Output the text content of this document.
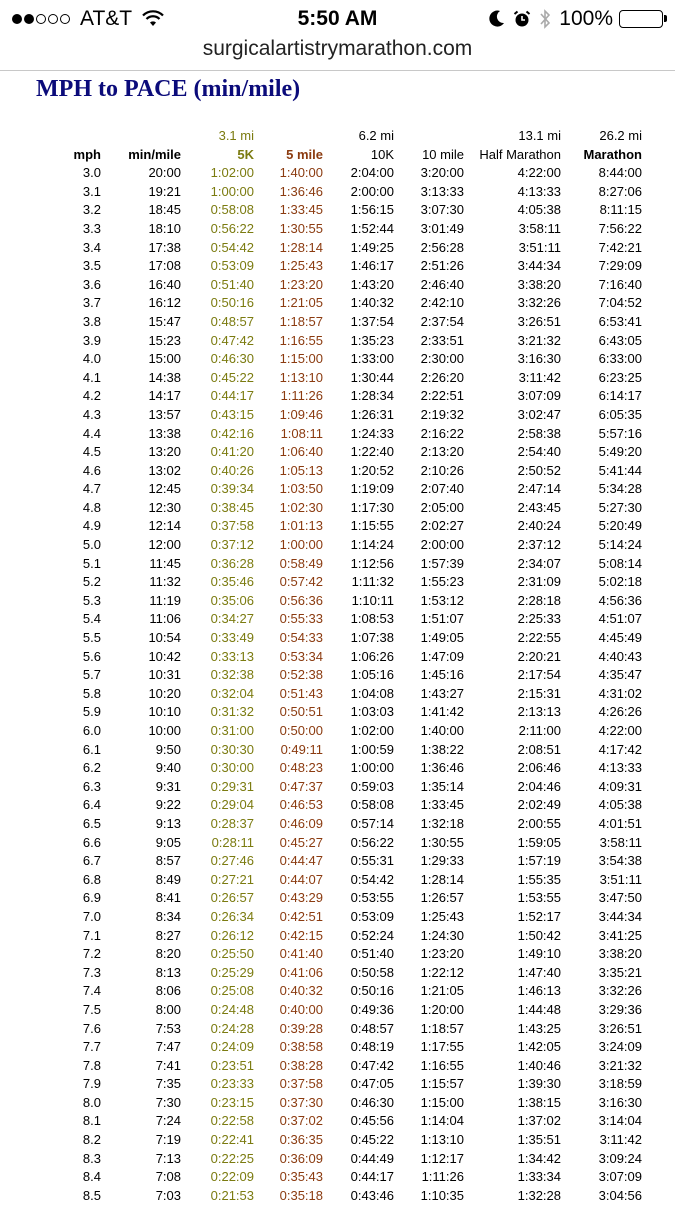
AT&T	5:50 AM	100%
surgicalartistrymarathon.com
MPH to PACE (min/mile)
		3.1 mi		6.2 mi		13.1 mi	26.2 mi
mph	min/mile	5K	5 mile	10K	10 mile	Half Marathon	Marathon
3.0	20:00	1:02:00	1:40:00	2:04:00	3:20:00	4:22:00	8:44:00
3.1	19:21	1:00:00	1:36:46	2:00:00	3:13:33	4:13:33	8:27:06
3.2	18:45	0:58:08	1:33:45	1:56:15	3:07:30	4:05:38	8:11:15
3.3	18:10	0:56:22	1:30:55	1:52:44	3:01:49	3:58:11	7:56:22
3.4	17:38	0:54:42	1:28:14	1:49:25	2:56:28	3:51:11	7:42:21
3.5	17:08	0:53:09	1:25:43	1:46:17	2:51:26	3:44:34	7:29:09
3.6	16:40	0:51:40	1:23:20	1:43:20	2:46:40	3:38:20	7:16:40
3.7	16:12	0:50:16	1:21:05	1:40:32	2:42:10	3:32:26	7:04:52
3.8	15:47	0:48:57	1:18:57	1:37:54	2:37:54	3:26:51	6:53:41
3.9	15:23	0:47:42	1:16:55	1:35:23	2:33:51	3:21:32	6:43:05
4.0	15:00	0:46:30	1:15:00	1:33:00	2:30:00	3:16:30	6:33:00
4.1	14:38	0:45:22	1:13:10	1:30:44	2:26:20	3:11:42	6:23:25
4.2	14:17	0:44:17	1:11:26	1:28:34	2:22:51	3:07:09	6:14:17
4.3	13:57	0:43:15	1:09:46	1:26:31	2:19:32	3:02:47	6:05:35
4.4	13:38	0:42:16	1:08:11	1:24:33	2:16:22	2:58:38	5:57:16
4.5	13:20	0:41:20	1:06:40	1:22:40	2:13:20	2:54:40	5:49:20
4.6	13:02	0:40:26	1:05:13	1:20:52	2:10:26	2:50:52	5:41:44
4.7	12:45	0:39:34	1:03:50	1:19:09	2:07:40	2:47:14	5:34:28
4.8	12:30	0:38:45	1:02:30	1:17:30	2:05:00	2:43:45	5:27:30
4.9	12:14	0:37:58	1:01:13	1:15:55	2:02:27	2:40:24	5:20:49
5.0	12:00	0:37:12	1:00:00	1:14:24	2:00:00	2:37:12	5:14:24
5.1	11:45	0:36:28	0:58:49	1:12:56	1:57:39	2:34:07	5:08:14
5.2	11:32	0:35:46	0:57:42	1:11:32	1:55:23	2:31:09	5:02:18
5.3	11:19	0:35:06	0:56:36	1:10:11	1:53:12	2:28:18	4:56:36
5.4	11:06	0:34:27	0:55:33	1:08:53	1:51:07	2:25:33	4:51:07
5.5	10:54	0:33:49	0:54:33	1:07:38	1:49:05	2:22:55	4:45:49
5.6	10:42	0:33:13	0:53:34	1:06:26	1:47:09	2:20:21	4:40:43
5.7	10:31	0:32:38	0:52:38	1:05:16	1:45:16	2:17:54	4:35:47
5.8	10:20	0:32:04	0:51:43	1:04:08	1:43:27	2:15:31	4:31:02
5.9	10:10	0:31:32	0:50:51	1:03:03	1:41:42	2:13:13	4:26:26
6.0	10:00	0:31:00	0:50:00	1:02:00	1:40:00	2:11:00	4:22:00
6.1	9:50	0:30:30	0:49:11	1:00:59	1:38:22	2:08:51	4:17:42
6.2	9:40	0:30:00	0:48:23	1:00:00	1:36:46	2:06:46	4:13:33
6.3	9:31	0:29:31	0:47:37	0:59:03	1:35:14	2:04:46	4:09:31
6.4	9:22	0:29:04	0:46:53	0:58:08	1:33:45	2:02:49	4:05:38
6.5	9:13	0:28:37	0:46:09	0:57:14	1:32:18	2:00:55	4:01:51
6.6	9:05	0:28:11	0:45:27	0:56:22	1:30:55	1:59:05	3:58:11
6.7	8:57	0:27:46	0:44:47	0:55:31	1:29:33	1:57:19	3:54:38
6.8	8:49	0:27:21	0:44:07	0:54:42	1:28:14	1:55:35	3:51:11
6.9	8:41	0:26:57	0:43:29	0:53:55	1:26:57	1:53:55	3:47:50
7.0	8:34	0:26:34	0:42:51	0:53:09	1:25:43	1:52:17	3:44:34
7.1	8:27	0:26:12	0:42:15	0:52:24	1:24:30	1:50:42	3:41:25
7.2	8:20	0:25:50	0:41:40	0:51:40	1:23:20	1:49:10	3:38:20
7.3	8:13	0:25:29	0:41:06	0:50:58	1:22:12	1:47:40	3:35:21
7.4	8:06	0:25:08	0:40:32	0:50:16	1:21:05	1:46:13	3:32:26
7.5	8:00	0:24:48	0:40:00	0:49:36	1:20:00	1:44:48	3:29:36
7.6	7:53	0:24:28	0:39:28	0:48:57	1:18:57	1:43:25	3:26:51
7.7	7:47	0:24:09	0:38:58	0:48:19	1:17:55	1:42:05	3:24:09
7.8	7:41	0:23:51	0:38:28	0:47:42	1:16:55	1:40:46	3:21:32
7.9	7:35	0:23:33	0:37:58	0:47:05	1:15:57	1:39:30	3:18:59
8.0	7:30	0:23:15	0:37:30	0:46:30	1:15:00	1:38:15	3:16:30
8.1	7:24	0:22:58	0:37:02	0:45:56	1:14:04	1:37:02	3:14:04
8.2	7:19	0:22:41	0:36:35	0:45:22	1:13:10	1:35:51	3:11:42
8.3	7:13	0:22:25	0:36:09	0:44:49	1:12:17	1:34:42	3:09:24
8.4	7:08	0:22:09	0:35:43	0:44:17	1:11:26	1:33:34	3:07:09
8.5	7:03	0:21:53	0:35:18	0:43:46	1:10:35	1:32:28	3:04:56
